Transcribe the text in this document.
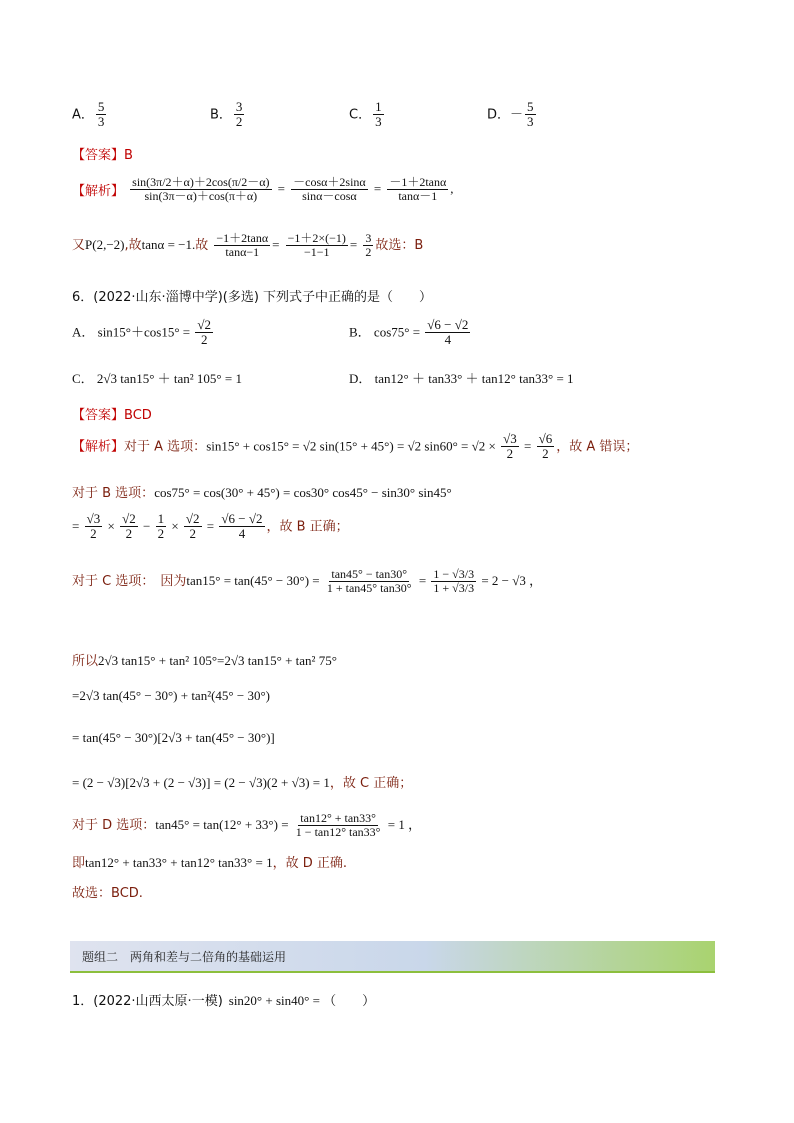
A． $\frac{5}{3}$	B． $\frac{3}{2}$	C． $\frac{1}{3}$	D．－ $\frac{5}{3}$
【答案】B
【解析】 $\frac{\sin(3\pi/2+\alpha)+2\cos(\pi/2-\alpha)}{\sin(3\pi-\alpha)+\cos(\pi+\alpha)} = \frac{-\cos\alpha+2\sin\alpha}{\sin\alpha-\cos\alpha} = \frac{-1+2\tan\alpha}{\tan\alpha-1}$ ,
又P(2,−2),故tanα = −1.故 $\frac{-1+2\tan\alpha}{\tan\alpha-1} = \frac{-1+2\times(-1)}{-1-1} = \frac{3}{2}$ 故选：B
6．(2022·山东·淄博中学)(多选) 下列式子中正确的是（　　）
A． $\sin 15^\circ+\cos 15^\circ = \frac{√2}{2}$	B． $\cos 75^\circ = \frac{√6 - √2}{4}$
C． 2√3 tan15° ＋ tan² 105° = 1	D． tan12° ＋ tan33° ＋ tan12° tan33° = 1
【答案】BCD
【解析】对于 A 选项：sin15° + cos15° = √2 sin(15° + 45°) = √2 $\sin 60^\circ = √2 \times \frac{√3}{2} = \frac{√6}{2}$ ，故 A 错误；
对于 B 选项：cos75° = cos(30° + 45°) = cos30° cos45° − sin30° sin45°
= $\frac{√3}{2} \times \frac{√2}{2} - \frac{1}{2} \times \frac{√2}{2} = \frac{√6 - √2}{4}$ ，故 B 正确；
对于 C 选项： 因为$\tan 15^\circ = \tan(45^\circ - 30^\circ) = \frac{\tan 45^\circ - \tan 30^\circ}{1 + \tan 45^\circ \tan 30^\circ} = \frac{1 - √3/3}{1 + √3/3} = 2 - √3$ ，
所以2√3 tan15° + tan² 105°=2√3 tan15° + tan² 75°
=2√3 tan(45° − 30°) + tan²(45° − 30°)
= tan(45° − 30°)[2√3 + tan(45° − 30°)]
= (2 − √3)[2√3 + (2 − √3)] = (2 − √3)(2 + √3) = 1，故 C 正确；
对于 D 选项：$\tan 45^\circ = \tan(12^\circ + 33^\circ) = \frac{\tan 12^\circ + \tan 33^\circ}{1 - \tan 12^\circ \tan 33^\circ} = 1$ ，
即tan12° + tan33° + tan12° tan33° = 1，故 D 正确.
故选：BCD.
题组二　两角和差与二倍角的基础运用
1．(2022·山西太原·一模) sin20° + sin40° = （　　）
